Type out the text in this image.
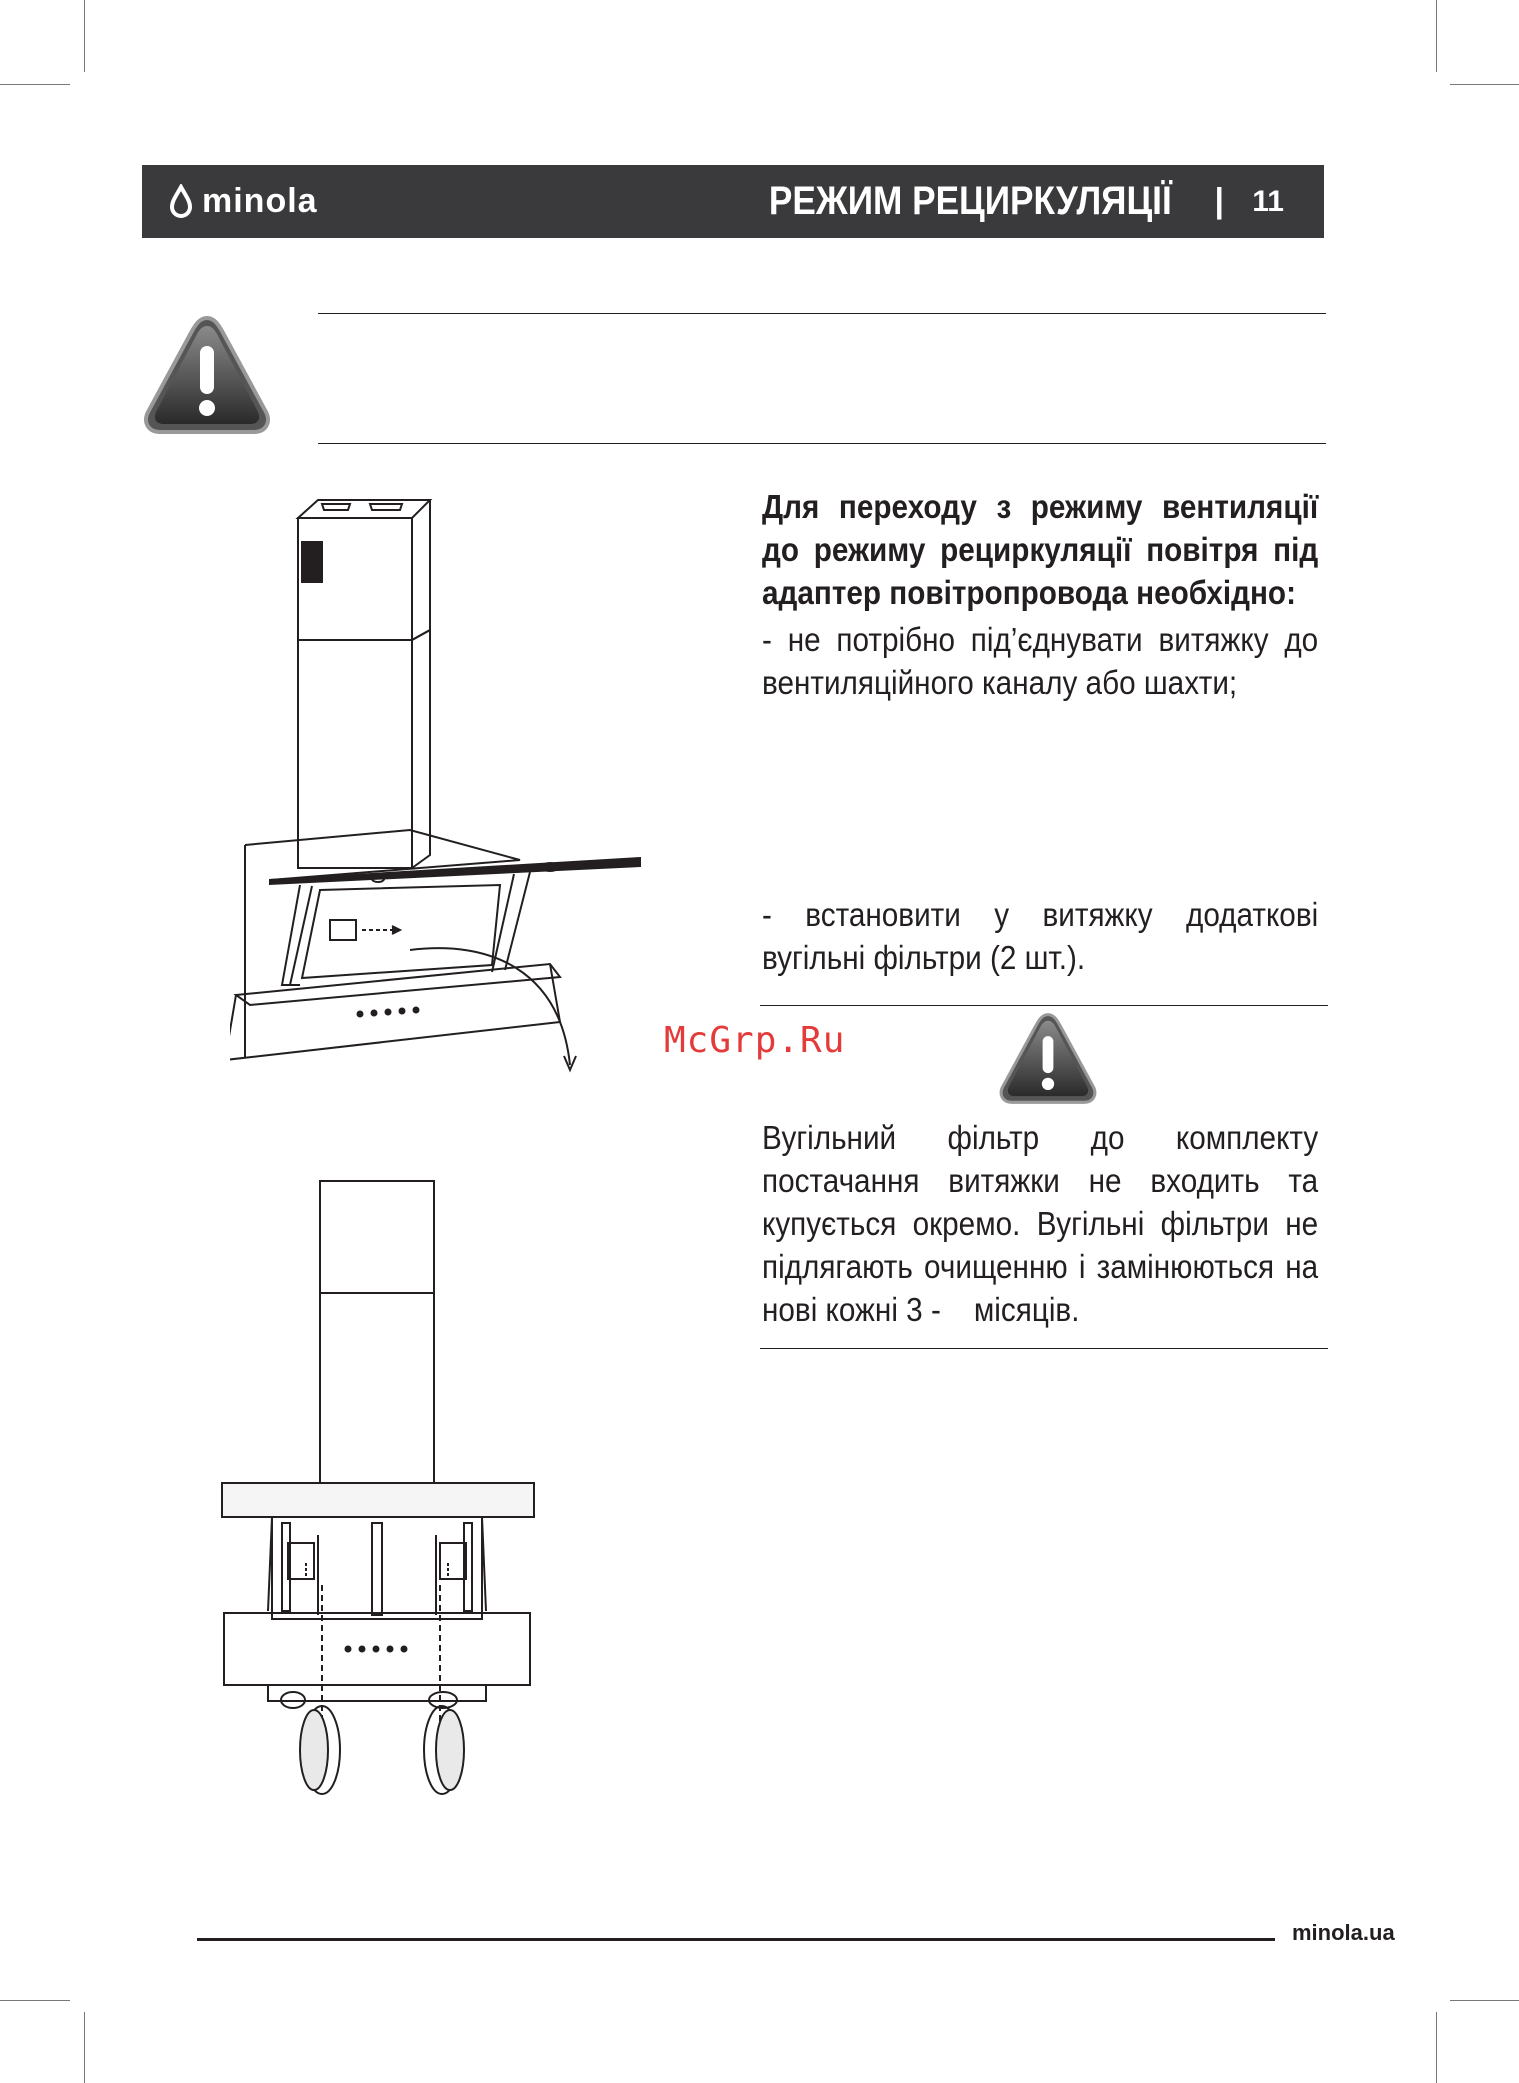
minola	РЕЖИМ РЕЦИРКУЛЯЦІЇ | 11
Для переходу з режиму вентиляції до режиму рециркуляції повітря під адаптер повітропровода необхідно:
- не потрібно під’єднувати витяжку до вентиляційного каналу або шахти;
- встановити у витяжку додаткові вугільні фільтри (2 шт.).
McGrp.Ru
Вугільний фільтр до комплекту постачання витяжки не входить та купується окремо. Вугільні фільтри не підлягають очищенню і замінюються на нові кожні 3 - місяців.
minola.ua
